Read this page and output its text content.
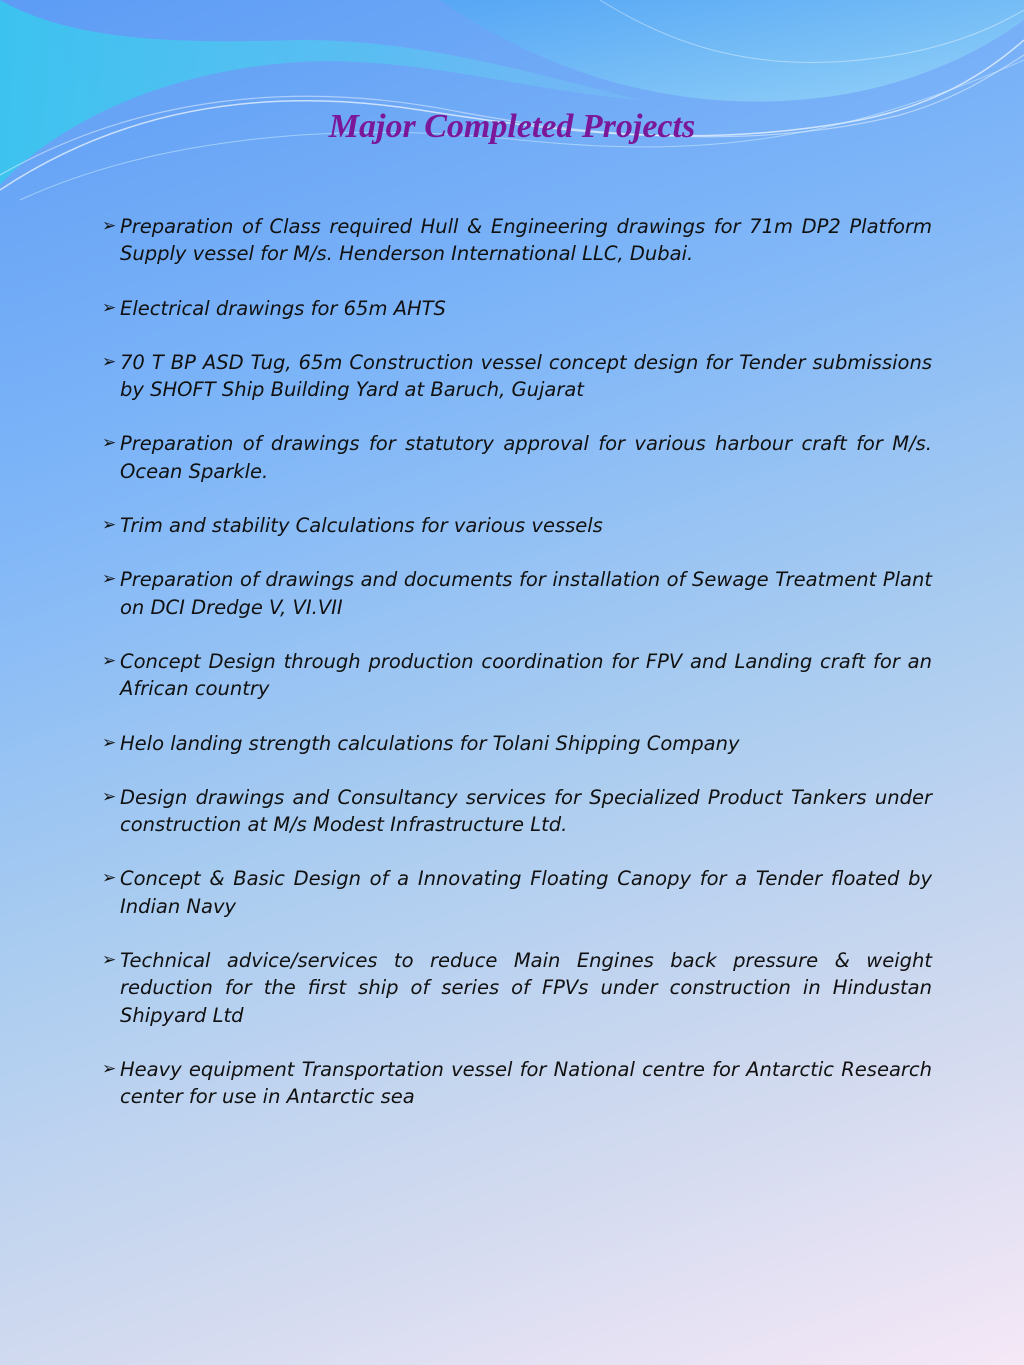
Major Completed Projects
➢ Preparation of Class required Hull & Engineering drawings for 71m DP2 Platform Supply vessel for M/s. Henderson International LLC, Dubai.
➢ Electrical drawings for 65m AHTS
➢ 70 T BP ASD Tug, 65m Construction vessel concept design for Tender submissions by SHOFT Ship Building Yard at Baruch, Gujarat
➢ Preparation of drawings for statutory approval for various harbour craft for M/s. Ocean Sparkle.
➢ Trim and stability Calculations for various vessels
➢ Preparation of drawings and documents for installation of Sewage Treatment Plant on DCI Dredge V, VI.VII
➢ Concept Design through production coordination for FPV and Landing craft for an African country
➢ Helo landing strength calculations for Tolani Shipping Company
➢ Design drawings and Consultancy services for Specialized Product Tankers under construction at M/s Modest Infrastructure Ltd.
➢ Concept & Basic Design of a Innovating Floating Canopy for a Tender floated by Indian Navy
➢ Technical advice/services to reduce Main Engines back pressure & weight reduction for the first ship of series of FPVs under construction in Hindustan Shipyard Ltd
➢ Heavy equipment Transportation vessel for National centre for Antarctic Research center for use in Antarctic sea
